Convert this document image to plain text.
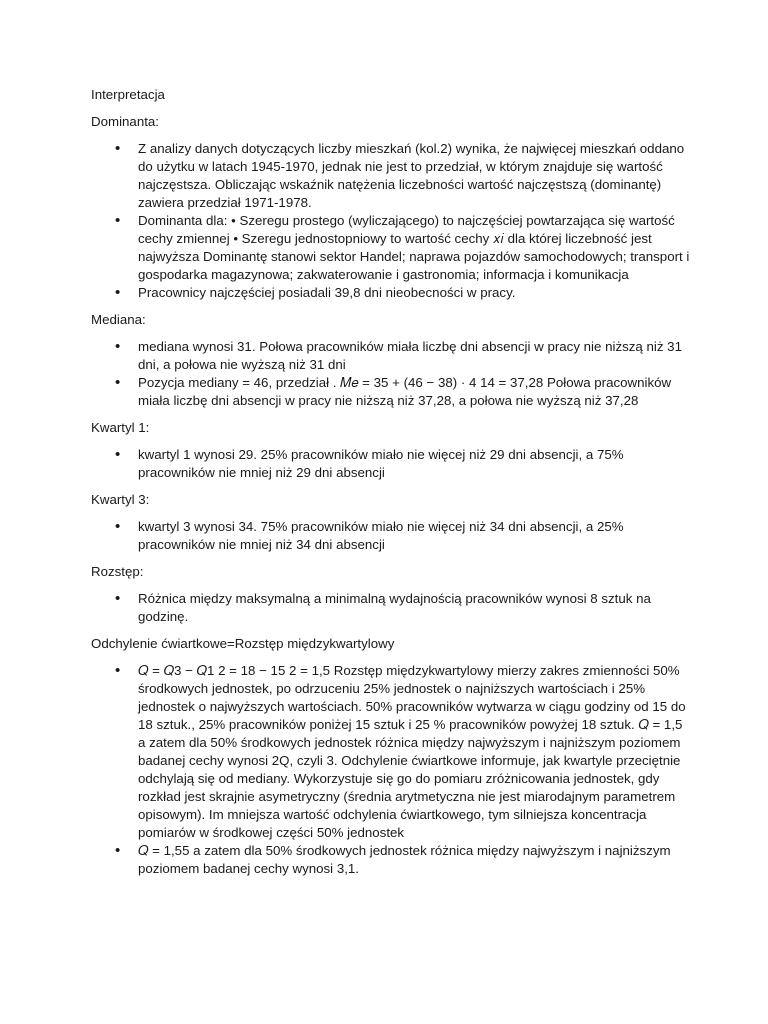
Interpretacja

Dominanta:

• Z analizy danych dotyczących liczby mieszkań (kol.2) wynika, że najwięcej mieszkań oddano do użytku w latach 1945-1970, jednak nie jest to przedział, w którym znajduje się wartość najczęstsza. Obliczając wskaźnik natężenia liczebności wartość najczęstszą (dominantę) zawiera przedział 1971-1978.
• Dominanta dla: • Szeregu prostego (wyliczającego) to najczęściej powtarzająca się wartość cechy zmiennej • Szeregu jednostopniowy to wartość cechy 𝑥𝑖 dla której liczebność jest najwyższa Dominantę stanowi sektor Handel; naprawa pojazdów samochodowych; transport i gospodarka magazynowa; zakwaterowanie i gastronomia; informacja i komunikacja
• Pracownicy najczęściej posiadali 39,8 dni nieobecności w pracy.

Mediana:

• mediana wynosi 31. Połowa pracowników miała liczbę dni absencji w pracy nie niższą niż 31 dni, a połowa nie wyższą niż 31 dni
• Pozycja mediany = 46, przedział . 𝑀𝑒 = 35 + (46 − 38) · 4 14 = 37,28 Połowa pracowników miała liczbę dni absencji w pracy nie niższą niż 37,28, a połowa nie wyższą niż 37,28

Kwartyl 1:

• kwartyl 1 wynosi 29. 25% pracowników miało nie więcej niż 29 dni absencji, a 75% pracowników nie mniej niż 29 dni absencji

Kwartyl 3:

• kwartyl 3 wynosi 34. 75% pracowników miało nie więcej niż 34 dni absencji, a 25% pracowników nie mniej niż 34 dni absencji

Rozstęp:

• Różnica między maksymalną a minimalną wydajnością pracowników wynosi 8 sztuk na godzinę.

Odchylenie ćwiartkowe=Rozstęp międzykwartylowy

• 𝑄 = 𝑄3 − 𝑄1 2 = 18 − 15 2 = 1,5 Rozstęp międzykwartylowy mierzy zakres zmienności 50% środkowych jednostek, po odrzuceniu 25% jednostek o najniższych wartościach i 25% jednostek o najwyższych wartościach. 50% pracowników wytwarza w ciągu godziny od 15 do 18 sztuk., 25% pracowników poniżej 15 sztuk i 25 % pracowników powyżej 18 sztuk. 𝑄 = 1,5 a zatem dla 50% środkowych jednostek różnica między najwyższym i najniższym poziomem badanej cechy wynosi 2Q, czyli 3. Odchylenie ćwiartkowe informuje, jak kwartyle przeciętnie odchylają się od mediany. Wykorzystuje się go do pomiaru zróżnicowania jednostek, gdy rozkład jest skrajnie asymetryczny (średnia arytmetyczna nie jest miarodajnym parametrem opisowym). Im mniejsza wartość odchylenia ćwiartkowego, tym silniejsza koncentracja pomiarów w środkowej części 50% jednostek
• 𝑄 = 1,55 a zatem dla 50% środkowych jednostek różnica między najwyższym i najniższym poziomem badanej cechy wynosi 3,1.
